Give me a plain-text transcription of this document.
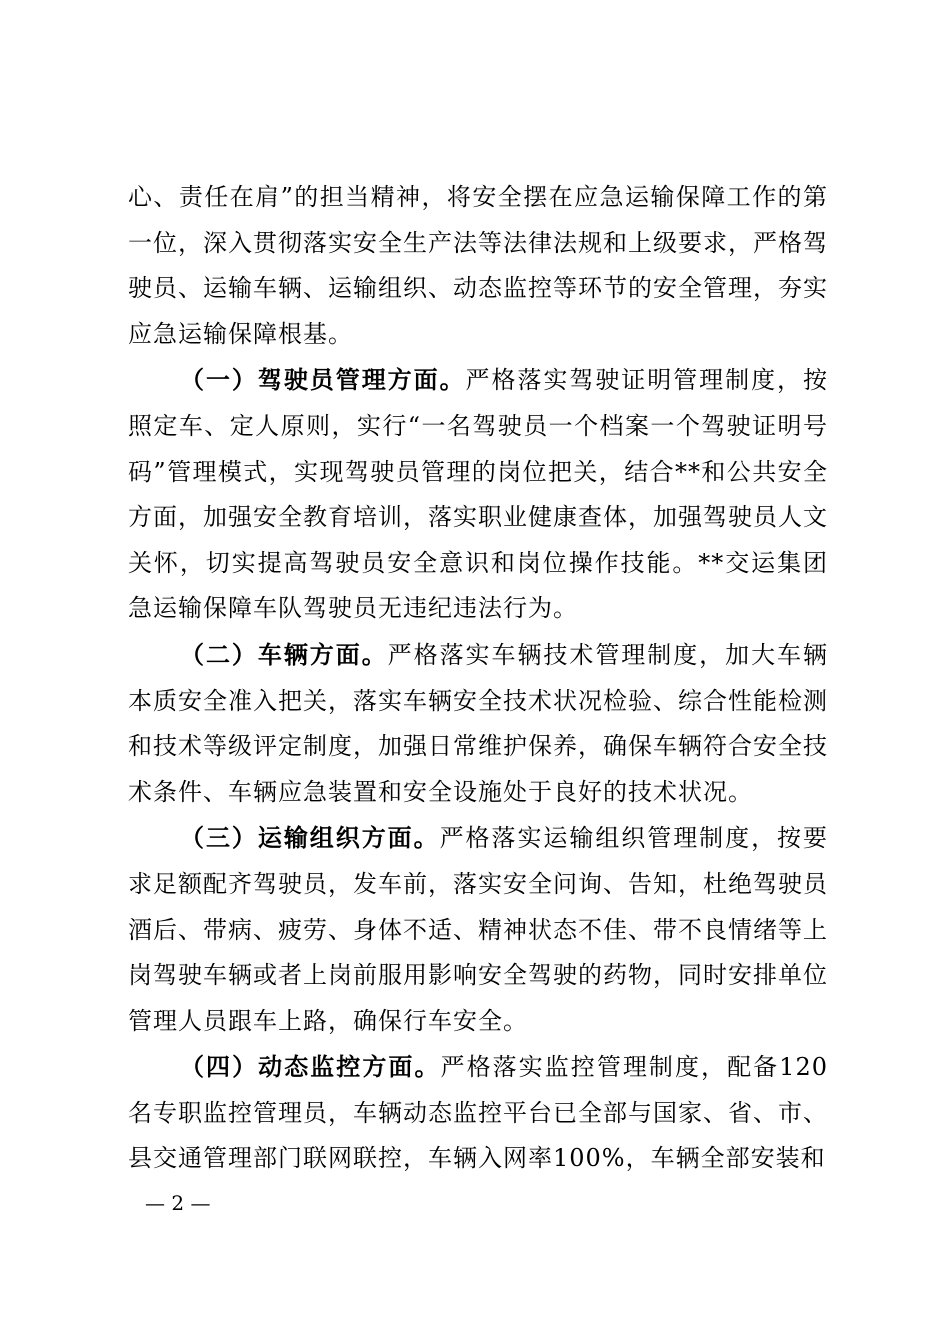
心、责任在肩”的担当精神，将安全摆在应急运输保障工作的第一位，深入贯彻落实安全生产法等法律法规和上级要求，严格驾驶员、运输车辆、运输组织、动态监控等环节的安全管理，夯实应急运输保障根基。

（一）驾驶员管理方面。严格落实驾驶证明管理制度，按照定车、定人原则，实行“一名驾驶员一个档案一个驾驶证明号码”管理模式，实现驾驶员管理的岗位把关，结合**和公共安全方面，加强安全教育培训，落实职业健康查体，加强驾驶员人文关怀，切实提高驾驶员安全意识和岗位操作技能。**交运集团急运输保障车队驾驶员无违纪违法行为。

（二）车辆方面。严格落实车辆技术管理制度，加大车辆本质安全准入把关，落实车辆安全技术状况检验、综合性能检测和技术等级评定制度，加强日常维护保养，确保车辆符合安全技术条件、车辆应急装置和安全设施处于良好的技术状况。

（三）运输组织方面。严格落实运输组织管理制度，按要求足额配齐驾驶员，发车前，落实安全问询、告知，杜绝驾驶员酒后、带病、疲劳、身体不适、精神状态不佳、带不良情绪等上岗驾驶车辆或者上岗前服用影响安全驾驶的药物，同时安排单位管理人员跟车上路，确保行车安全。

（四）动态监控方面。严格落实监控管理制度，配备120名专职监控管理员，车辆动态监控平台已全部与国家、省、市、县交通管理部门联网联控，车辆入网率100%，车辆全部安装和

— 2 —
